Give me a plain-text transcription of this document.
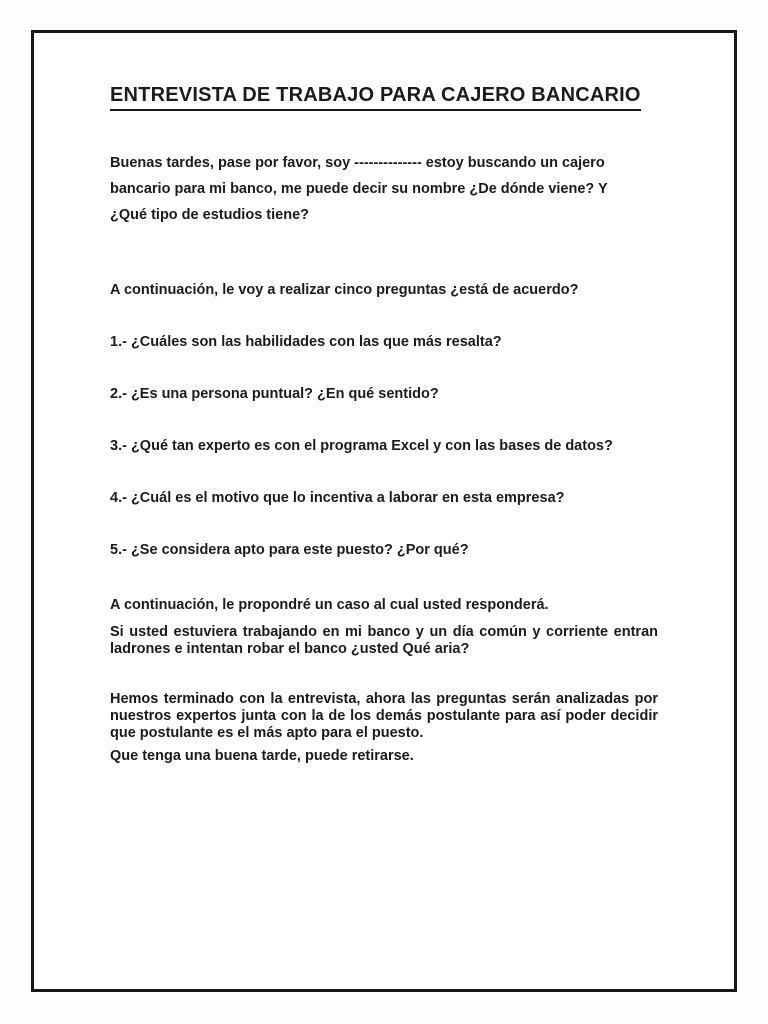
ENTREVISTA DE TRABAJO PARA CAJERO BANCARIO
Buenas tardes, pase por favor, soy -------------- estoy buscando un cajero
bancario para mi banco, me puede decir su nombre ¿De dónde viene? Y
¿Qué tipo de estudios tiene?
A continuación, le voy a realizar cinco preguntas ¿está de acuerdo?
1.- ¿Cuáles son las habilidades con las que más resalta?
2.- ¿Es una persona puntual? ¿En qué sentido?
3.- ¿Qué tan experto es con el programa Excel y con las bases de datos?
4.- ¿Cuál es el motivo que lo incentiva a laborar en esta empresa?
5.- ¿Se considera apto para este puesto? ¿Por qué?
A continuación, le propondré un caso al cual usted responderá.
Si usted estuviera trabajando en mi banco y un día común y corriente entran
ladrones e intentan robar el banco ¿usted Qué aria?
Hemos terminado con la entrevista, ahora las preguntas serán analizadas por
nuestros expertos junta con la de los demás postulante para así poder decidir
que postulante es el más apto para el puesto.
Que tenga una buena tarde, puede retirarse.
